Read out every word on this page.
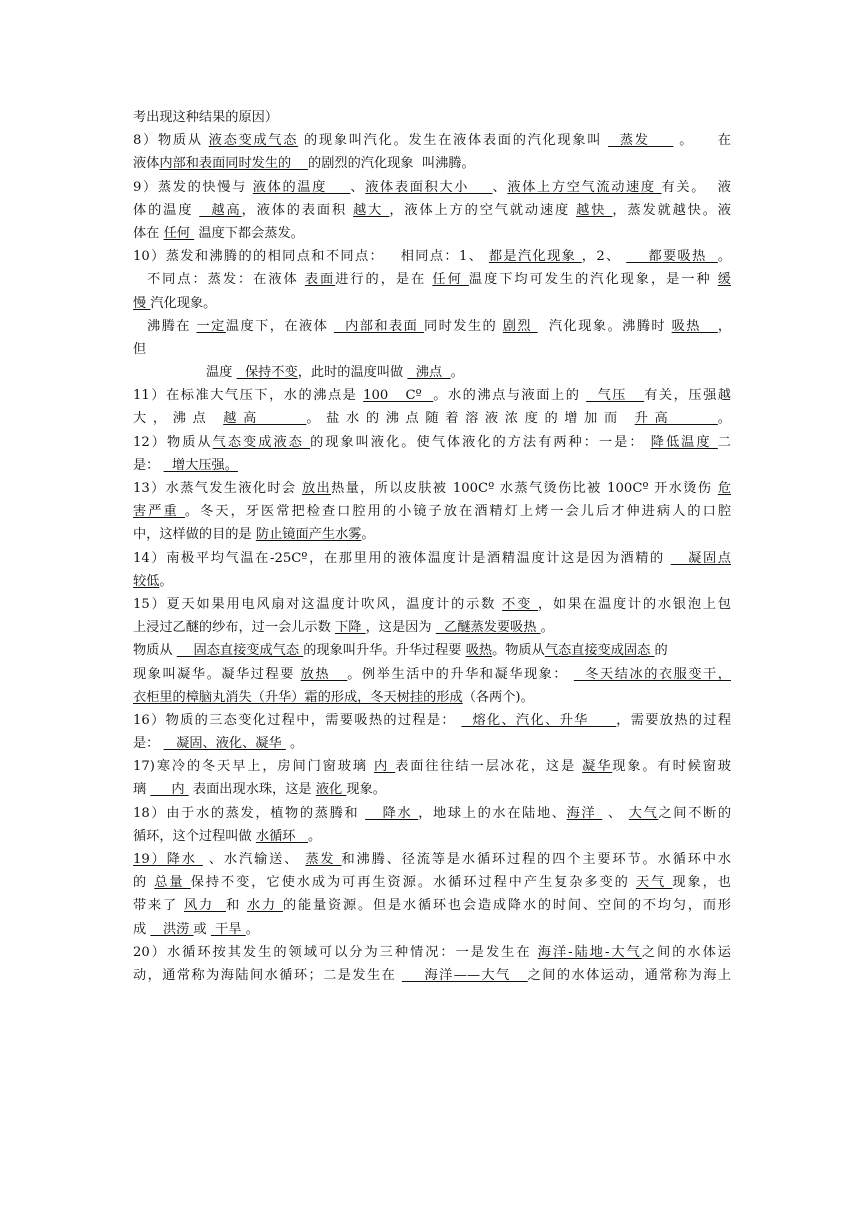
考出现这种结果的原因）
8）物质从 液态变成气态 的现象叫汽化。发生在液体表面的汽化现象叫   蒸发     。    在
液体内部和表面同时发生的    的剧烈的汽化现象  叫沸腾。
9）蒸发的快慢与 液体的温度    、液体表面积大小    、液体上方空气流动速度 有关。  液
体的温度   越高，液体的表面积 越大 ，液体上方的空气就动速度 越快 ，蒸发就越快。液
体在 任何  温度下都会蒸发。
10）蒸发和沸腾的的相同点和不同点：   相同点：1、 都是汽化现象 ，2、     都要吸热  。
不同点：蒸发：在液体 表面进行的，是在 任何 温度下均可发生的汽化现象，是一种 缓
慢 汽化现象。
沸腾在 一定温度下，在液体   内部和表面 同时发生的 剧烈   汽化现象。沸腾时 吸热   ，
但
温度   保持不变，此时的温度叫做   沸点  。
11）在标准大气压下，水的沸点是 100   Cº  。水的沸点与液面上的   气压   有关，压强越
大，沸点 越高    。盐水的沸点随着溶液浓度的增加而 升高    。
12）物质从气态变成液态 的现象叫液化。使气体液化的方法有两种：一是： 降低温度 二
是：   增大压强。
13）水蒸气发生液化时会 放出热量，所以皮肤被 100Cº 水蒸气烫伤比被 100Cº 开水烫伤 危
害严重 。冬天，牙医常把检查口腔用的小镜子放在酒精灯上烤一会儿后才伸进病人的口腔
中，这样做的目的是 防止镜面产生水雾。
14）南极平均气温在-25Cº，在那里用的液体温度计是酒精温度计这是因为酒精的    凝固点
较低。
15）夏天如果用电风扇对这温度计吹风，温度计的示数 不变 ，如果在温度计的水银泡上包
上浸过乙醚的纱布，过一会儿示数 下降 ，这是因为   乙醚蒸发要吸热 。
物质从     固态直接变成气态 的现象叫升华。升华过程要 吸热。物质从气态直接变成固态 的
现象叫凝华。凝华过程要 放热   。例举生活中的升华和凝华现象：   冬天结冰的衣服变干，
衣柜里的樟脑丸消失（升华）霜的形成，冬天树挂的形成（各两个)。
16）物质的三态变化过程中，需要吸热的过程是：   熔化、汽化、升华     ，需要放热的过程
是：    凝固、液化、凝华  。
17)寒冷的冬天早上，房间门窗玻璃 内 表面往往结一层冰花，这是 凝华现象。有时候窗玻
璃      内  表面出现水珠，这是 液化 现象。
18）由于水的蒸发，植物的蒸腾和    降水 ，地球上的水在陆地、海洋  、 大气之间不断的
循环，这个过程叫做 水循环   。
19）降水  、水汽输送、 蒸发 和沸腾、径流等是水循环过程的四个主要环节。水循环中水
的 总量 保持不变，它使水成为可再生资源。水循环过程中产生复杂多变的 天气 现象，也
带来了 风力  和 水力 的能量资源。但是水循环也会造成降水的时间、空间的不均匀，而形
成    洪涝 或  干旱 。
20）水循环按其发生的领域可以分为三种情况：一是发生在 海洋-陆地-大气之间的水体运
动，通常称为海陆间水循环；二是发生在     海洋——大气   之间的水体运动，通常称为海上
